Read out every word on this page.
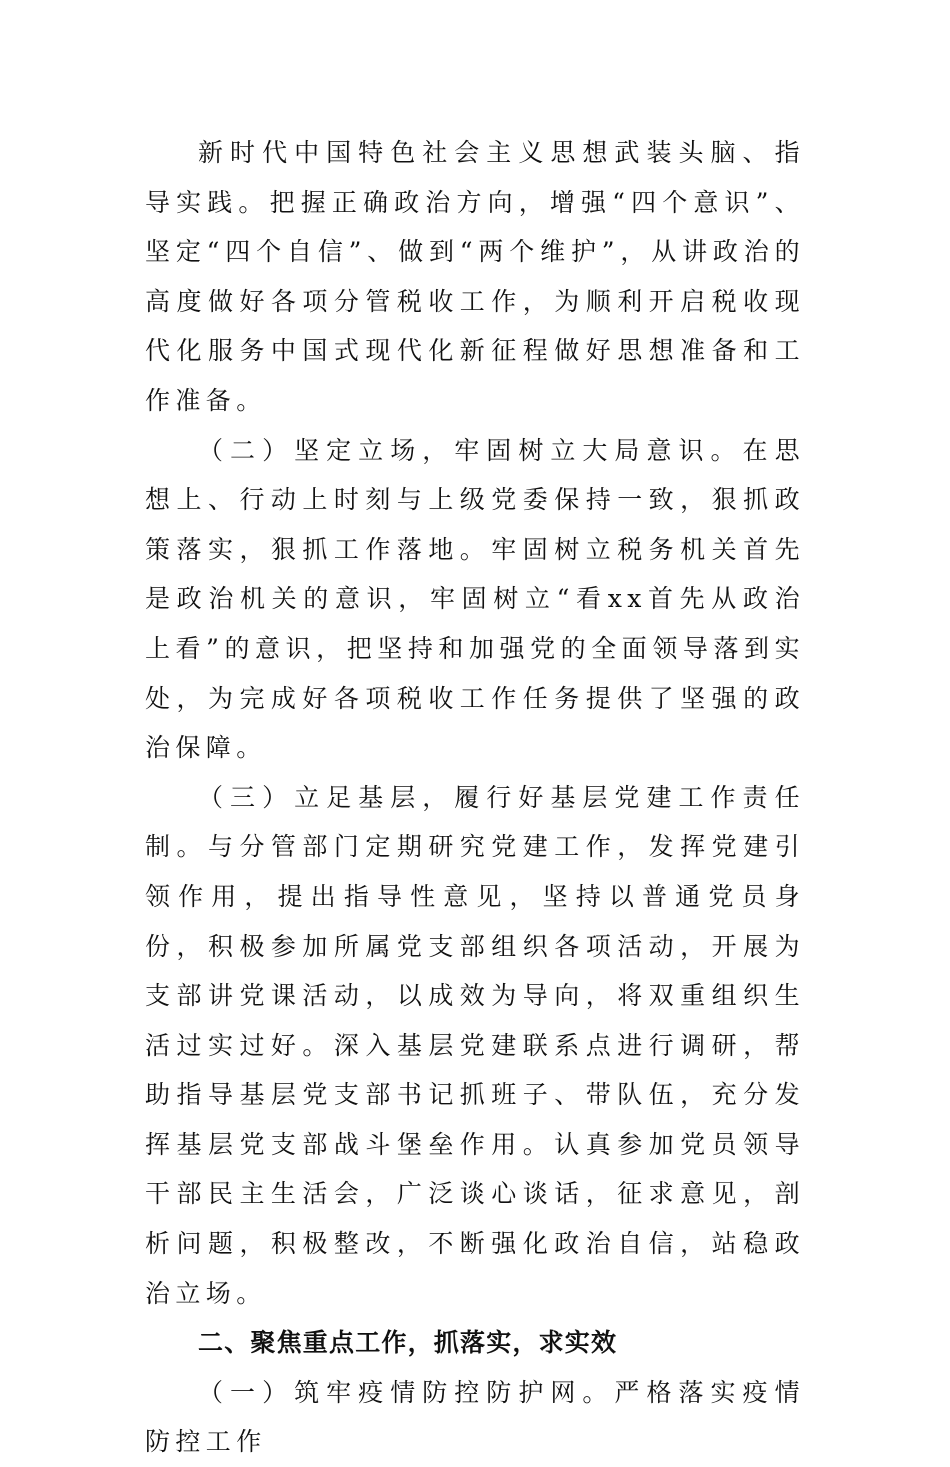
新时代中国特色社会主义思想武装头脑、指导实践。把握正确政治方向，增强“四个意识”、坚定“四个自信”、做到“两个维护”，从讲政治的高度做好各项分管税收工作，为顺利开启税收现代化服务中国式现代化新征程做好思想准备和工作准备。

（二）坚定立场，牢固树立大局意识。在思想上、行动上时刻与上级党委保持一致，狠抓政策落实，狠抓工作落地。牢固树立税务机关首先是政治机关的意识，牢固树立“看xx首先从政治上看”的意识，把坚持和加强党的全面领导落到实处，为完成好各项税收工作任务提供了坚强的政治保障。

（三）立足基层，履行好基层党建工作责任制。与分管部门定期研究党建工作，发挥党建引领作用，提出指导性意见，坚持以普通党员身份，积极参加所属党支部组织各项活动，开展为支部讲党课活动，以成效为导向，将双重组织生活过实过好。深入基层党建联系点进行调研，帮助指导基层党支部书记抓班子、带队伍，充分发挥基层党支部战斗堡垒作用。认真参加党员领导干部民主生活会，广泛谈心谈话，征求意见，剖析问题，积极整改，不断强化政治自信，站稳政治立场。

二、聚焦重点工作，抓落实，求实效

（一）筑牢疫情防控防护网。严格落实疫情防控工作
